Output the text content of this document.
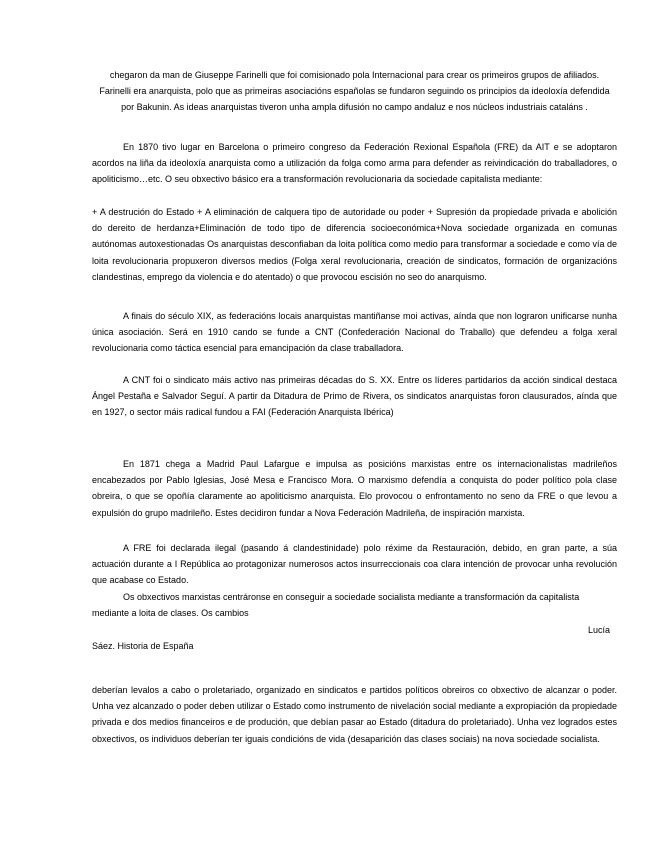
chegaron da man de Giuseppe Farinelli que foi comisionado pola Internacional para crear os primeiros grupos de afiliados. Farinelli era anarquista, polo que as primeiras asociacións españolas se fundaron seguindo os principios da ideoloxía defendida por Bakunin. As ideas anarquistas tiveron unha ampla difusión no campo andaluz e nos núcleos industriais cataláns .

En 1870 tivo lugar en Barcelona o primeiro congreso da Federación Rexional Española (FRE) da AIT e se adoptaron acordos na liña da ideoloxía anarquista como a utilización da folga como arma para defender as reivindicación do traballadores, o apoliticismo…etc. O seu obxectivo básico era a transformación revolucionaria da sociedade capitalista mediante:

+ A destrución do Estado + A eliminación de calquera tipo de autoridade ou poder + Supresión da propiedade privada e abolición do dereito de herdanza+Eliminación de todo tipo de diferencia socioeconómica+Nova sociedade organizada en comunas autónomas autoxestionadas Os anarquistas desconfiaban da loita política como medio para transformar a sociedade e como vía de loita revolucionaria propuxeron diversos medios (Folga xeral revolucionaria, creación de sindicatos, formación de organizacións clandestinas, emprego da violencia e do atentado) o que provocou escisión no seo do anarquismo.

A finais do século XIX, as federacións locais anarquistas mantiñanse moi activas, aínda que non lograron unificarse nunha única asociación. Será en 1910 cando se funde a CNT (Confederación Nacional do Traballo) que defendeu a folga xeral revolucionaria como táctica esencial para emancipación da clase traballadora.

A CNT foi o sindicato máis activo nas primeiras décadas do S. XX. Entre os líderes partidarios da acción sindical destaca Ángel Pestaña e Salvador Seguí. A partir da Ditadura de Primo de Rivera, os sindicatos anarquistas foron clausurados, aínda que en 1927, o sector máis radical fundou a FAI (Federación Anarquista Ibérica)

En 1871 chega a Madrid Paul Lafargue e impulsa as posicións marxistas entre os internacionalistas madrileños encabezados por Pablo Iglesias, José Mesa e Francisco Mora. O marxismo defendía a conquista do poder político pola clase obreira, o que se opoñía claramente ao apoliticismo anarquista. Elo provocou o enfrontamento no seno da FRE o que levou a expulsión do grupo madrileño. Estes decidiron fundar a Nova Federación Madrileña, de inspiración marxista.

A FRE foi declarada ilegal (pasando á clandestinidade) polo réxime da Restauración, debido, en gran parte, a súa actuación durante a I República ao protagonizar numerosos actos insurreccionais coa clara intención de provocar unha revolución que acabase co Estado.

Os obxectivos marxistas centráronse en conseguir a sociedade socialista mediante a transformación da capitalista mediante a loita de clases. Os cambios

Lucía
Sáez. Historia de España

deberían levalos a cabo o proletariado, organizado en sindicatos e partidos políticos obreiros co obxectivo de alcanzar o poder. Unha vez alcanzado o poder deben utilizar o Estado como instrumento de nivelación social mediante a expropiación da propiedade privada e dos medios financeiros e de produción, que debían pasar ao Estado (ditadura do proletariado). Unha vez logrados estes obxectivos, os individuos deberían ter iguais condicións de vida (desaparición das clases sociais) na nova sociedade socialista.
